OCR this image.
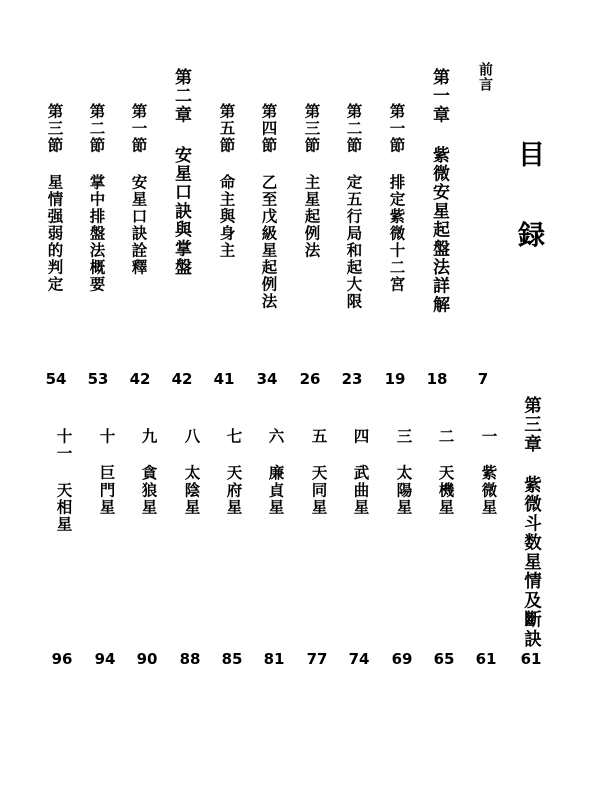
目 録
前言
第一章 紫微安星起盤法詳解
第一節 排定紫微十二宮
第二節 定五行局和起大限
第三節 主星起例法
第四節 乙至戊級星起例法
第五節 命主與身主
第二章 安星口訣與掌盤
第一節 安星口訣詮釋
第二節 掌中排盤法概要
第三節 星情强弱的判定
7
18
19
23
26
34
41
42
42
53
54
第三章 紫微斗数星情及斷訣
一 紫微星
二 天機星
三 太陽星
四 武曲星
五 天同星
六 廉貞星
七 天府星
八 太陰星
九 貪狼星
十 巨門星
十一 天相星
61
61
65
69
74
77
81
85
88
90
94
96
